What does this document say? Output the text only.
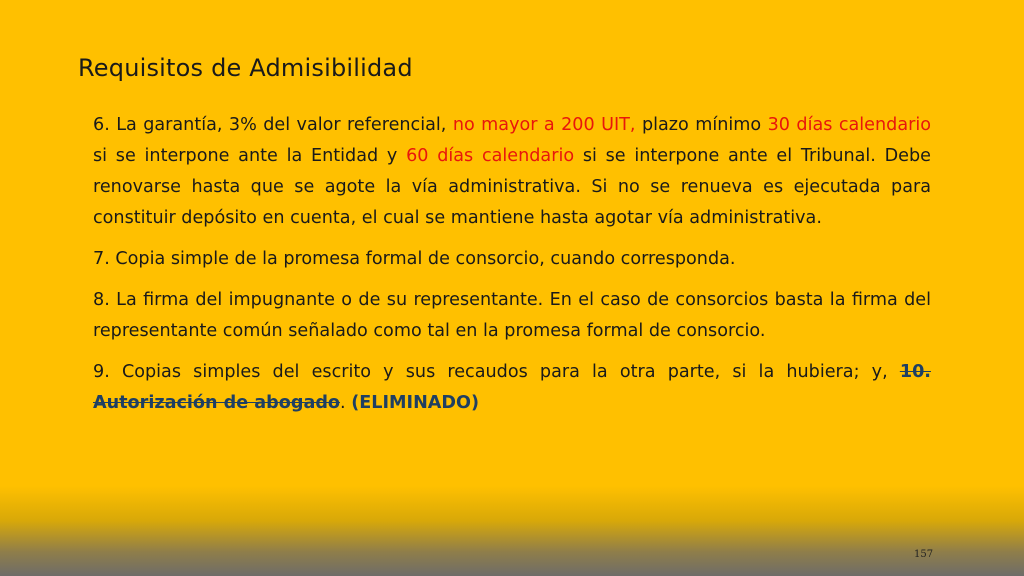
Requisitos de Admisibilidad

6. La garantía, 3% del valor referencial, no mayor a 200 UIT, plazo mínimo 30 días calendario si se interpone ante la Entidad y 60 días calendario si se interpone ante el Tribunal. Debe renovarse hasta que se agote la vía administrativa. Si no se renueva es ejecutada para constituir depósito en cuenta, el cual se mantiene hasta agotar vía administrativa.

7. Copia simple de la promesa formal de consorcio, cuando corresponda.

8. La firma del impugnante o de su representante. En el caso de consorcios basta la firma del representante común señalado como tal en la promesa formal de consorcio.

9. Copias simples del escrito y sus recaudos para la otra parte, si la hubiera; y, 10. Autorización de abogado. (ELIMINADO)

157
